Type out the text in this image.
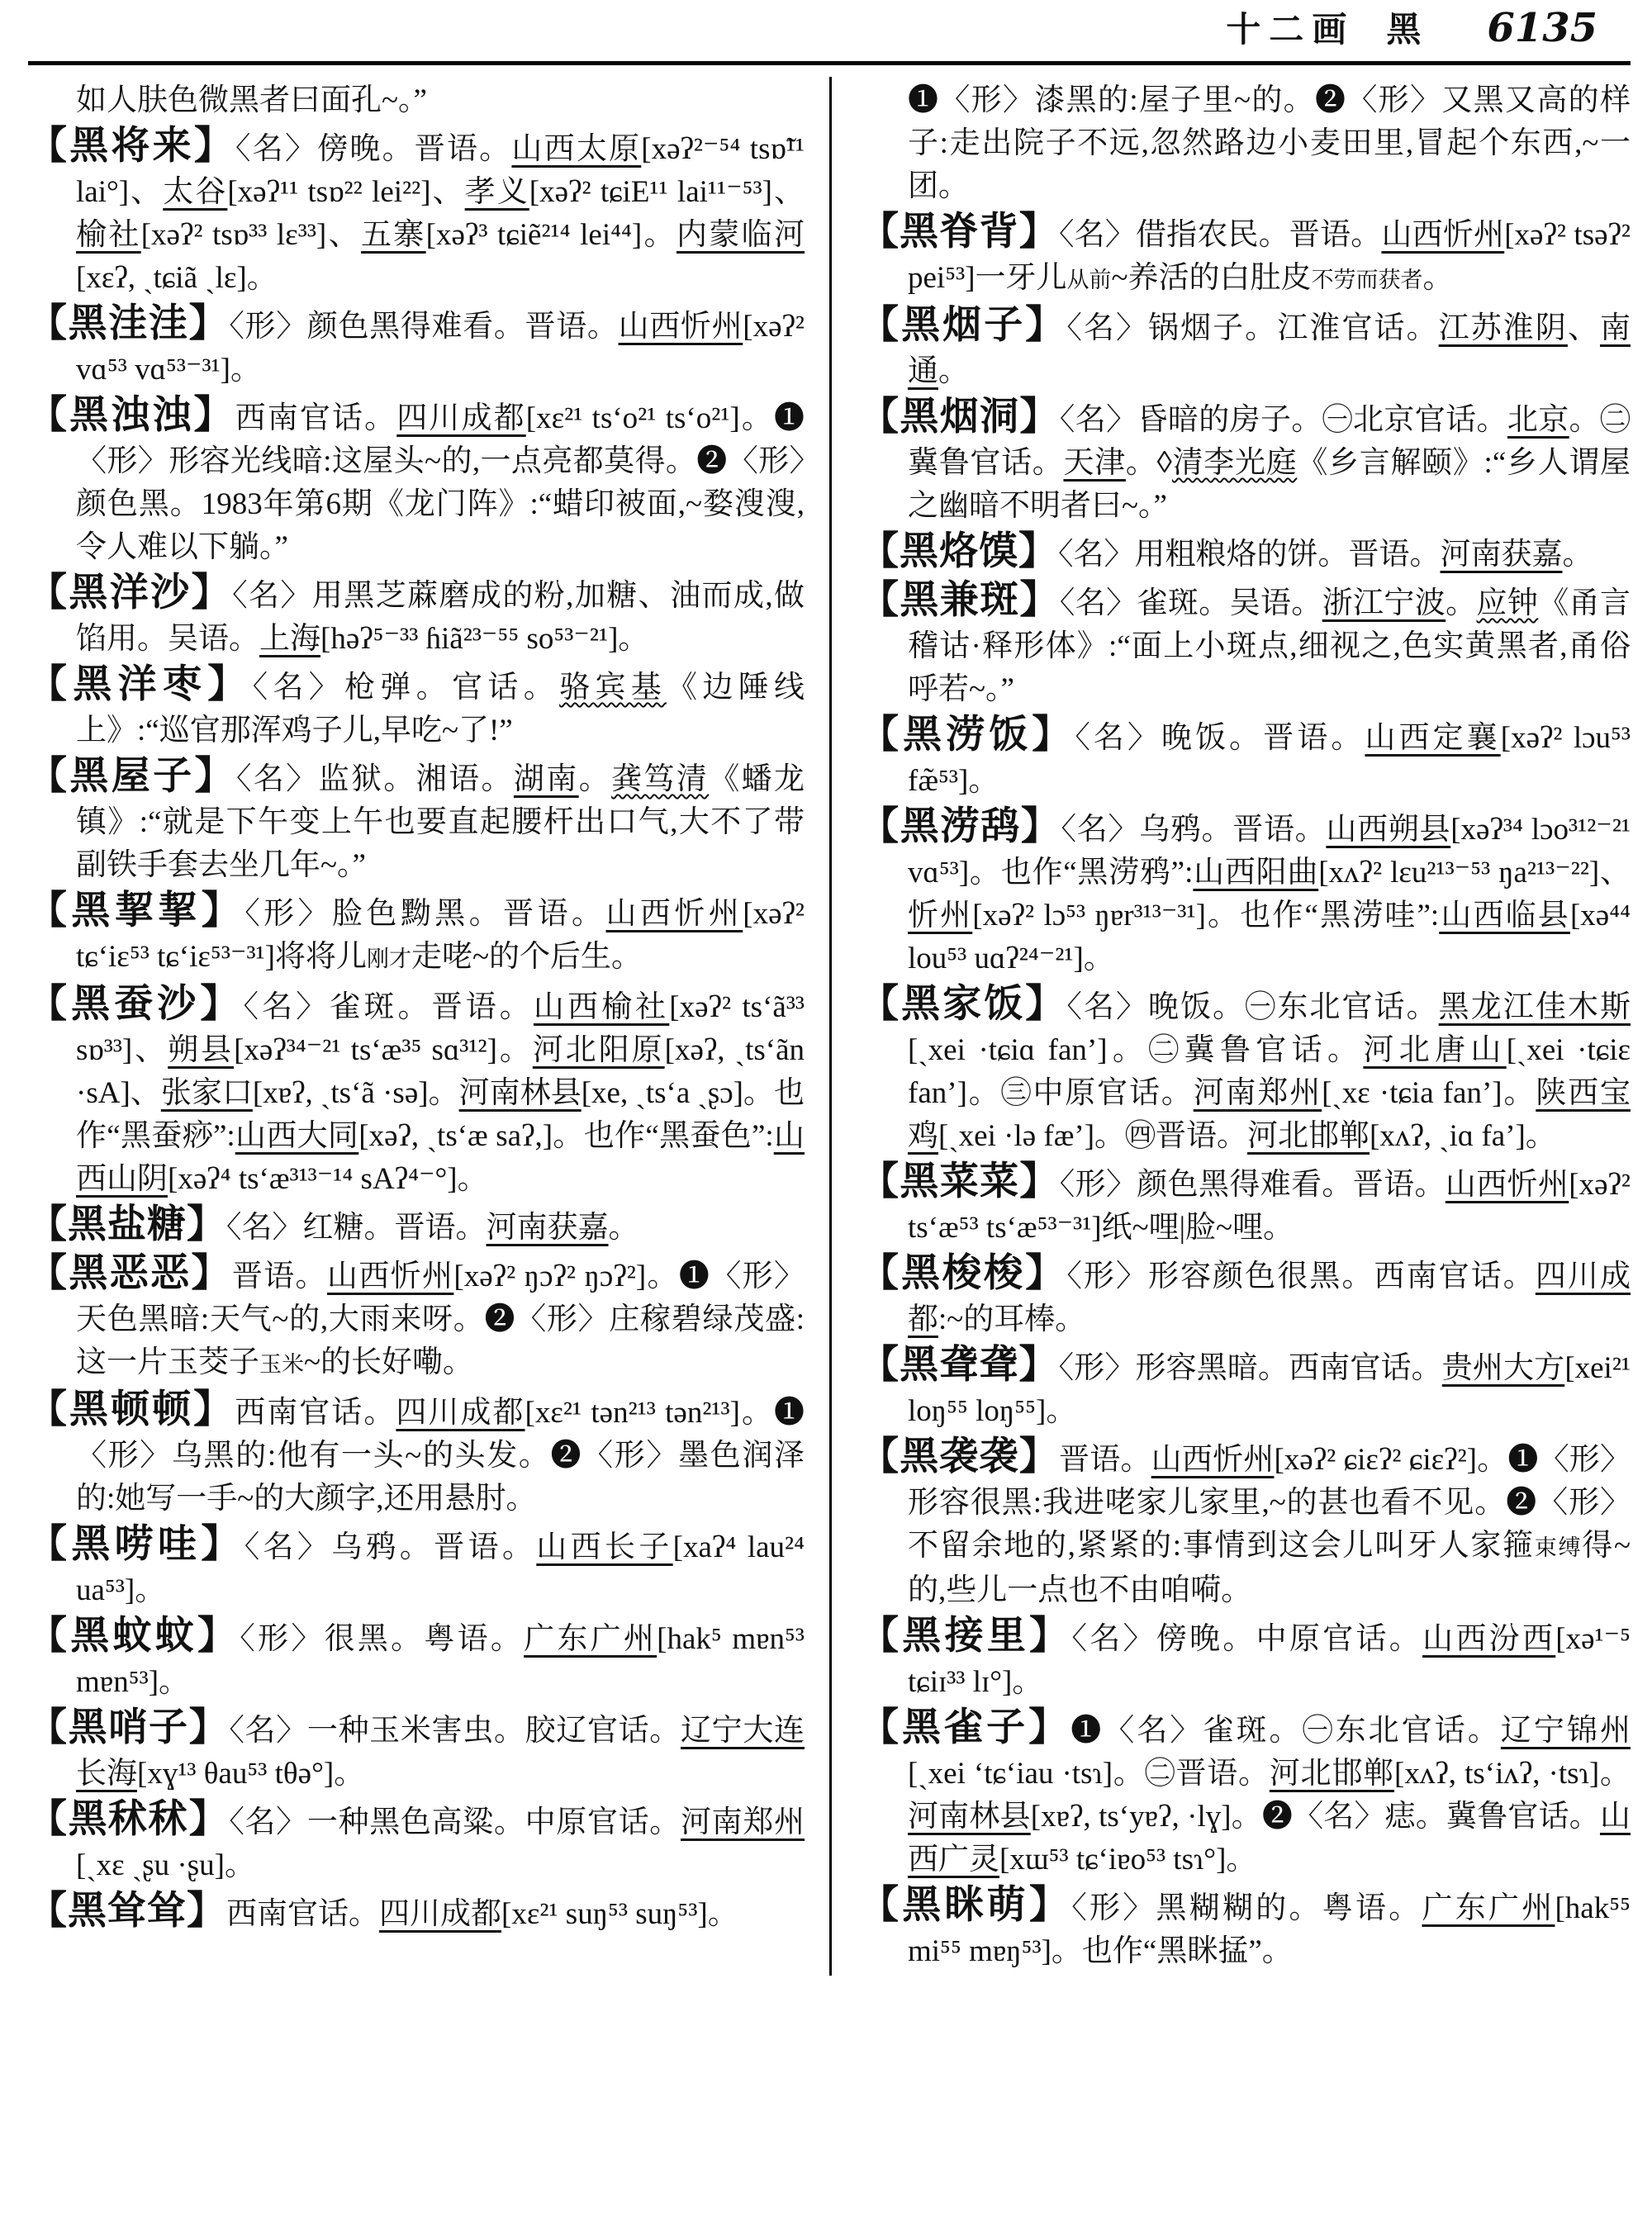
十二画 黑 6135
如人肤色微黑者曰面孔~。”
【黑将来】〈名〉傍晚。晋语。山西太原[xəʔ²⁻⁵⁴ tsɒ̃¹¹ lai°]、太谷[xəʔ¹¹ tsɒ²² lei²²]、孝义[xəʔ² tɕiE¹¹ lai¹¹⁻⁵³]、榆社[xəʔ² tsɒ³³ lɛ³³]、五寨[xəʔ³ tɕiẽ²¹⁴ lei⁴⁴]。内蒙临河[xɛʔ, ˏtɕiã ˏlɛ]。
【黑洼洼】〈形〉颜色黑得难看。晋语。山西忻州[xəʔ² vɑ⁵³ vɑ⁵³⁻³¹]。
【黑浊浊】西南官话。四川成都[xɛ²¹ tsʻo²¹ tsʻo²¹]。❶〈形〉形容光线暗:这屋头~的,一点亮都莫得。❷〈形〉颜色黑。1983年第6期《龙门阵》:“蜡印被面,~婺溲溲,令人难以下躺。”
【黑洋沙】〈名〉用黑芝蔴磨成的粉,加糖、油而成,做馅用。吴语。上海[həʔ⁵⁻³³ ɦiã²³⁻⁵⁵ so⁵³⁻²¹]。
【黑洋枣】〈名〉枪弹。官话。骆宾基《边陲线上》:“巡官那浑鸡子儿,早吃~了!”
【黑屋子】〈名〉监狱。湘语。湖南。龚笃清《蟠龙镇》:“就是下午变上午也要直起腰杆出口气,大不了带副铁手套去坐几年~。”
【黑挈挈】〈形〉脸色黝黑。晋语。山西忻州[xəʔ² tɕʻiɛ⁵³ tɕʻiɛ⁵³⁻³¹]将将儿刚才走咾~的个后生。
【黑蚕沙】〈名〉雀斑。晋语。山西榆社[xəʔ² tsʻã³³ sɒ³³]、朔县[xəʔ³⁴⁻²¹ tsʻæ³⁵ sɑ³¹²]。河北阳原[xəʔ, ˏtsʻãn ·sA]、张家口[xɐʔ, ˏtsʻã ·sə]。河南林县[xe, ˏtsʻa ˏʂɔ]。也作“黑蚕痧”:山西大同[xəʔ, ˏtsʻæ saʔ,]。也作“黑蚕色”:山西山阴[xəʔ⁴ tsʻæ³¹³⁻¹⁴ sAʔ⁴⁻°]。
【黑盐糖】〈名〉红糖。晋语。河南获嘉。
【黑恶恶】晋语。山西忻州[xəʔ² ŋɔʔ² ŋɔʔ²]。❶〈形〉天色黑暗:天气~的,大雨来呀。❷〈形〉庄稼碧绿茂盛:这一片玉茭子玉米~的长好嘞。
【黑顿顿】西南官话。四川成都[xɛ²¹ tən²¹³ tən²¹³]。❶〈形〉乌黑的:他有一头~的头发。❷〈形〉墨色润泽的:她写一手~的大颜字,还用悬肘。
【黑唠哇】〈名〉乌鸦。晋语。山西长子[xaʔ⁴ lau²⁴ ua⁵³]。
【黑蚊蚊】〈形〉很黑。粤语。广东广州[hak⁵ mɐn⁵³ mɐn⁵³]。
【黑哨子】〈名〉一种玉米害虫。胶辽官话。辽宁大连长海[xɣ¹³ θau⁵³ tθə°]。
【黑秫秫】〈名〉一种黑色高粱。中原官话。河南郑州[ˏxɛ ˏʂu ·ʂu]。
【黑耸耸】西南官话。四川成都[xɛ²¹ suŋ⁵³ suŋ⁵³]。
❶〈形〉漆黑的:屋子里~的。❷〈形〉又黑又高的样子:走出院子不远,忽然路边小麦田里,冒起个东西,~一团。
【黑脊背】〈名〉借指农民。晋语。山西忻州[xəʔ² tsəʔ² pei⁵³]一牙儿从前~养活的白肚皮不劳而获者。
【黑烟子】〈名〉锅烟子。江淮官话。江苏淮阴、南通。
【黑烟洞】〈名〉昏暗的房子。㊀北京官话。北京。㊁冀鲁官话。天津。◊清李光庭《乡言解颐》:“乡人谓屋之幽暗不明者曰~。”
【黑烙馍】〈名〉用粗粮烙的饼。晋语。河南获嘉。
【黑兼斑】〈名〉雀斑。吴语。浙江宁波。应钟《甬言稽诂·释形体》:“面上小斑点,细视之,色实黄黑者,甬俗呼若~。”
【黑涝饭】〈名〉晚饭。晋语。山西定襄[xəʔ² lɔu⁵³ fæ̃⁵³]。
【黑涝鸹】〈名〉乌鸦。晋语。山西朔县[xəʔ³⁴ lɔo³¹²⁻²¹ vɑ⁵³]。也作“黑涝鸦”:山西阳曲[xʌʔ² lɛu²¹³⁻⁵³ ŋa²¹³⁻²²]、忻州[xəʔ² lɔ⁵³ ŋɐr³¹³⁻³¹]。也作“黑涝哇”:山西临县[xə⁴⁴ lou⁵³ uɑʔ²⁴⁻²¹]。
【黑家饭】〈名〉晚饭。㊀东北官话。黑龙江佳木斯[ˏxei ·tɕiɑ fanʼ]。㊁冀鲁官话。河北唐山[ˏxei ·tɕiɛ fanʼ]。㊂中原官话。河南郑州[ˏxɛ ·tɕia fanʼ]。陕西宝鸡[ˏxei ·lə fæʼ]。㊃晋语。河北邯郸[xʌʔ, ˏiɑ faʼ]。
【黑菜菜】〈形〉颜色黑得难看。晋语。山西忻州[xəʔ² tsʻæ⁵³ tsʻæ⁵³⁻³¹]纸~哩|脸~哩。
【黑梭梭】〈形〉形容颜色很黑。西南官话。四川成都:~的耳棒。
【黑聋聋】〈形〉形容黑暗。西南官话。贵州大方[xei²¹ loŋ⁵⁵ loŋ⁵⁵]。
【黑袭袭】晋语。山西忻州[xəʔ² ɕiɛʔ² ɕiɛʔ²]。❶〈形〉形容很黑:我进咾家儿家里,~的甚也看不见。❷〈形〉不留余地的,紧紧的:事情到这会儿叫牙人家箍束缚得~的,些儿一点也不由咱嗬。
【黑接里】〈名〉傍晚。中原官话。山西汾西[xə¹⁻⁵ tɕiɪ³³ lɪ°]。
【黑雀子】❶〈名〉雀斑。㊀东北官话。辽宁锦州[ˏxei ʻtɕʻiau ·tsɿ]。㊁晋语。河北邯郸[xʌʔ, tsʻiʌʔ, ·tsɿ]。河南林县[xɐʔ, tsʻyɐʔ, ·lɣ]。❷〈名〉痣。冀鲁官话。山西广灵[xɯ⁵³ tɕʻiɐo⁵³ tsɿ°]。
【黑眯萌】〈形〉黑糊糊的。粤语。广东广州[hak⁵⁵ mi⁵⁵ mɐŋ⁵³]。也作“黑眯掹”。
